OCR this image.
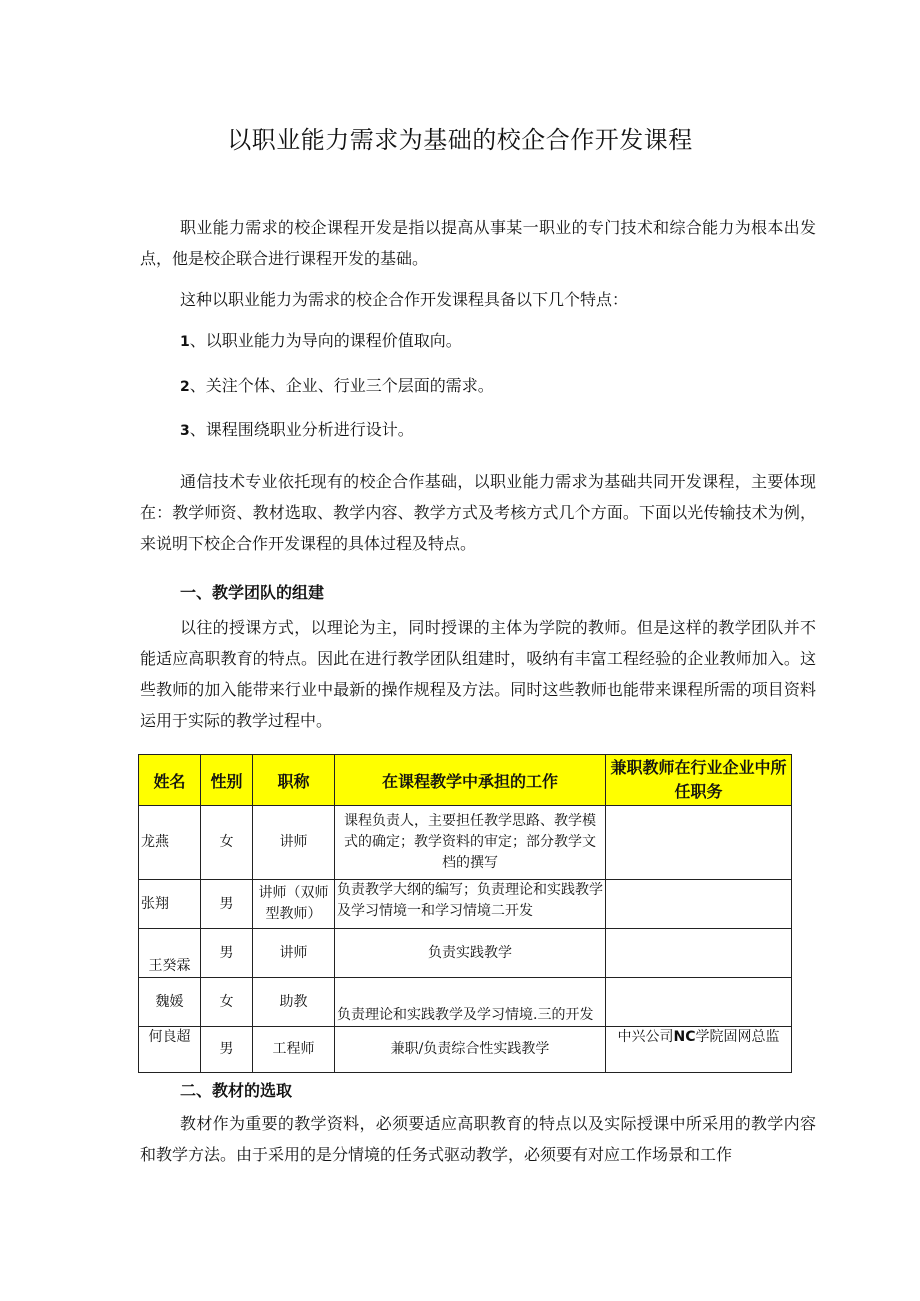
以职业能力需求为基础的校企合作开发课程
职业能力需求的校企课程开发是指以提高从事某一职业的专门技术和综合能力为根本出发点，他是校企联合进行课程开发的基础。
这种以职业能力为需求的校企合作开发课程具备以下几个特点：
1、以职业能力为导向的课程价值取向。
2、关注个体、企业、行业三个层面的需求。
3、课程围绕职业分析进行设计。
通信技术专业依托现有的校企合作基础，以职业能力需求为基础共同开发课程，主要体现在：教学师资、教材选取、教学内容、教学方式及考核方式几个方面。下面以光传输技术为例，来说明下校企合作开发课程的具体过程及特点。
一、教学团队的组建
以往的授课方式，以理论为主，同时授课的主体为学院的教师。但是这样的教学团队并不能适应高职教育的特点。因此在进行教学团队组建时，吸纳有丰富工程经验的企业教师加入。这些教师的加入能带来行业中最新的操作规程及方法。同时这些教师也能带来课程所需的项目资料运用于实际的教学过程中。
姓名	性别	职称	在课程教学中承担的工作	兼职教师在行业企业中所任职务
龙燕	女	讲师	课程负责人，主要担任教学思路、教学模式的确定；教学资料的审定；部分教学文档的撰写	
张翔	男	讲师（双师型教师）	负责教学大纲的编写；负责理论和实践教学及学习情境一和学习情境二开发	
王癸霖	男	讲师	负责实践教学	
魏媛	女	助教	负责理论和实践教学及学习情境.三的开发	
何良超	男	工程师	兼职/负责综合性实践教学	中兴公司NC学院固网总监
二、教材的选取
教材作为重要的教学资料，必须要适应高职教育的特点以及实际授课中所采用的教学内容和教学方法。由于采用的是分情境的任务式驱动教学，必须要有对应工作场景和工作
